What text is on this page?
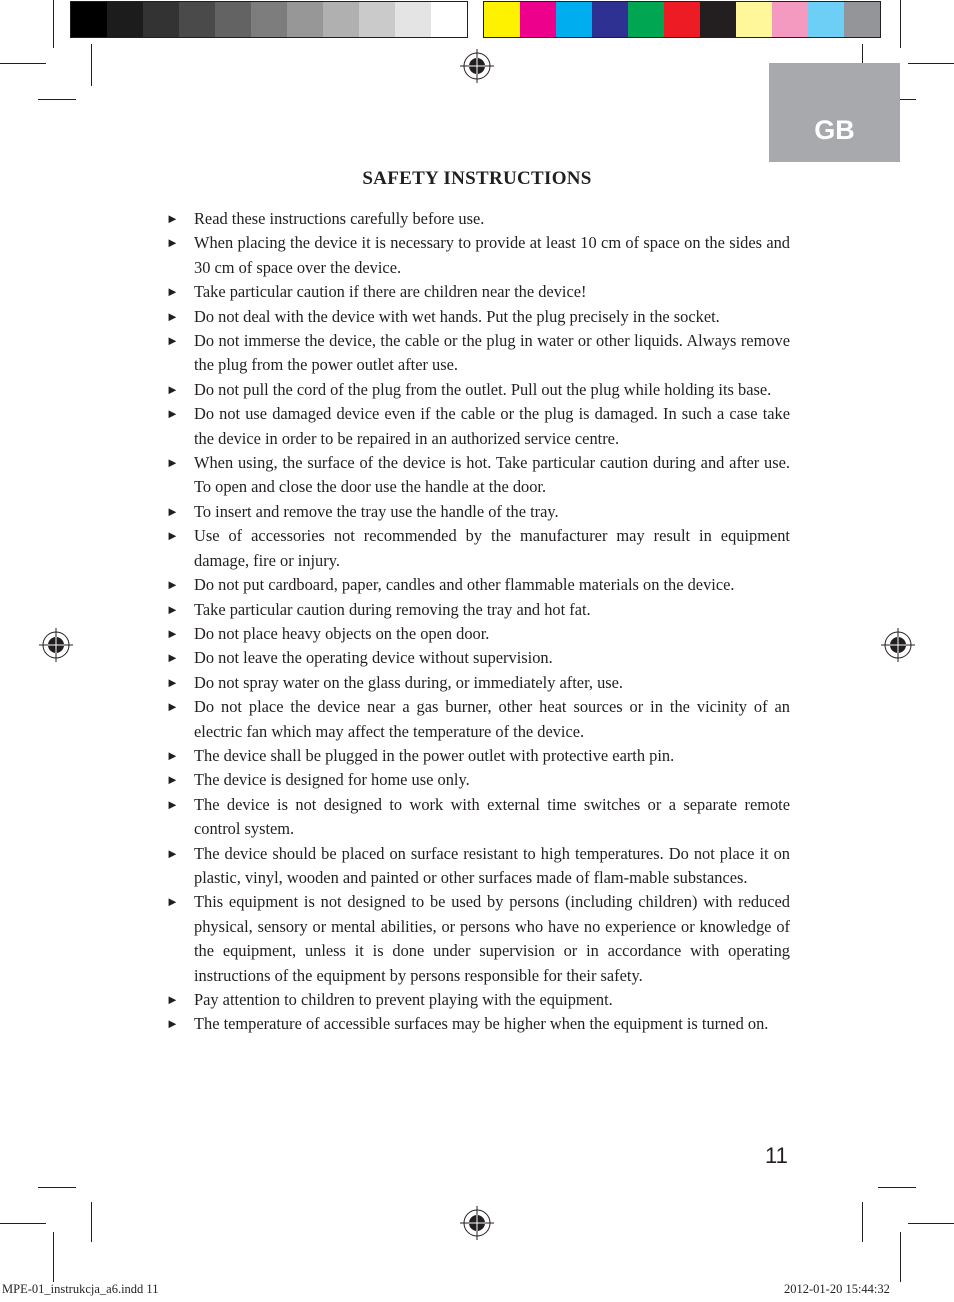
GB
SAFETY INSTRUCTIONS
► Read these instructions carefully before use.
► When placing the device it is necessary to provide at least 10 cm of space on the sides and 30 cm of space over the device.
► Take particular caution if there are children near the device!
► Do not deal with the device with wet hands. Put the plug precisely in the socket.
► Do not immerse the device, the cable or the plug in water or other liquids. Always remove the plug from the power outlet after use.
► Do not pull the cord of the plug from the outlet. Pull out the plug while holding its base.
► Do not use damaged device even if the cable or the plug is damaged. In such a case take the device in order to be repaired in an authorized service centre.
► When using, the surface of the device is hot. Take particular caution during and after use. To open and close the door use the handle at the door.
► To insert and remove the tray use the handle of the tray.
► Use of accessories not recommended by the manufacturer may result in equipment damage, fire or injury.
► Do not put cardboard, paper, candles and other flammable materials on the device.
► Take particular caution during removing the tray and hot fat.
► Do not place heavy objects on the open door.
► Do not leave the operating device without supervision.
► Do not spray water on the glass during, or immediately after, use.
► Do not place the device near a gas burner, other heat sources or in the vicinity of an electric fan which may affect the temperature of the device.
► The device shall be plugged in the power outlet with protective earth pin.
► The device is designed for home use only.
► The device is not designed to work with external time switches or a separate remote control system.
► The device should be placed on surface resistant to high temperatures. Do not place it on plastic, vinyl, wooden and painted or other surfaces made of flam-mable substances.
► This equipment is not designed to be used by persons (including children) with reduced physical, sensory or mental abilities, or persons who have no experience or knowledge of the equipment, unless it is done under supervision or in accordance with operating instructions of the equipment by persons responsible for their safety.
► Pay attention to children to prevent playing with the equipment.
► The temperature of accessible surfaces may be higher when the equipment is turned on.
11
MPE-01_instrukcja_a6.indd 11	2012-01-20 15:44:32
